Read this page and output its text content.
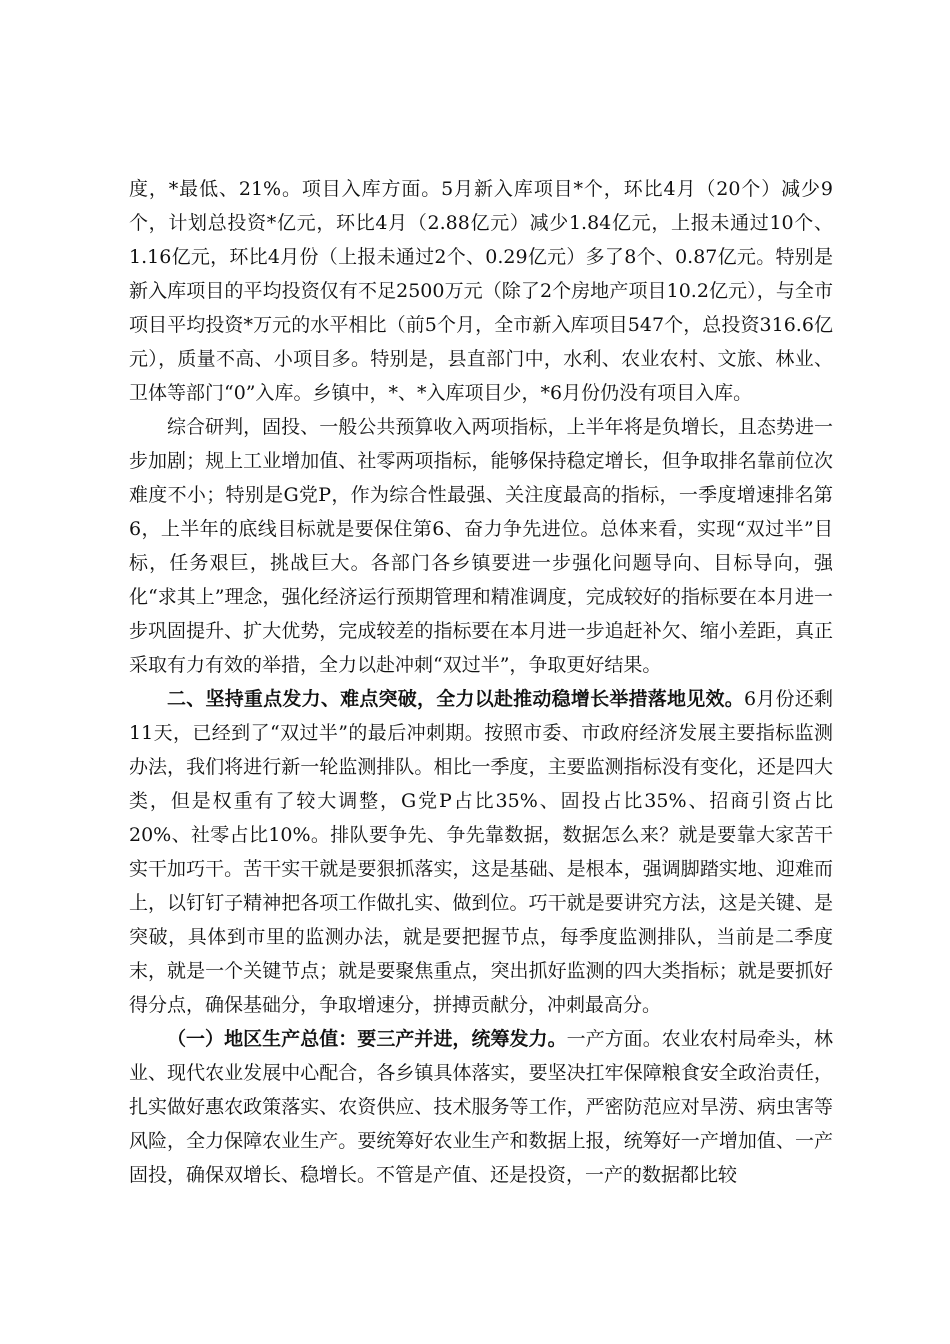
度，*最低、21%。项目入库方面。5月新入库项目*个，环比4月（20个）减少9个，计划总投资*亿元，环比4月（2.88亿元）减少1.84亿元，上报未通过10个、1.16亿元，环比4月份（上报未通过2个、0.29亿元）多了8个、0.87亿元。特别是新入库项目的平均投资仅有不足2500万元（除了2个房地产项目10.2亿元），与全市项目平均投资*万元的水平相比（前5个月，全市新入库项目547个，总投资316.6亿元），质量不高、小项目多。特别是，县直部门中，水利、农业农村、文旅、林业、卫体等部门“0”入库。乡镇中，*、*入库项目少，*6月份仍没有项目入库。

综合研判，固投、一般公共预算收入两项指标，上半年将是负增长，且态势进一步加剧；规上工业增加值、社零两项指标，能够保持稳定增长，但争取排名靠前位次难度不小；特别是G党P，作为综合性最强、关注度最高的指标，一季度增速排名第6，上半年的底线目标就是要保住第6、奋力争先进位。总体来看，实现“双过半”目标，任务艰巨，挑战巨大。各部门各乡镇要进一步强化问题导向、目标导向，强化“求其上”理念，强化经济运行预期管理和精准调度，完成较好的指标要在本月进一步巩固提升、扩大优势，完成较差的指标要在本月进一步追赶补欠、缩小差距，真正采取有力有效的举措，全力以赴冲刺“双过半”，争取更好结果。

二、坚持重点发力、难点突破，全力以赴推动稳增长举措落地见效。6月份还剩11天，已经到了“双过半”的最后冲刺期。按照市委、市政府经济发展主要指标监测办法，我们将进行新一轮监测排队。相比一季度，主要监测指标没有变化，还是四大类，但是权重有了较大调整，G党P占比35%、固投占比35%、招商引资占比20%、社零占比10%。排队要争先、争先靠数据，数据怎么来？就是要靠大家苦干实干加巧干。苦干实干就是要狠抓落实，这是基础、是根本，强调脚踏实地、迎难而上，以钉钉子精神把各项工作做扎实、做到位。巧干就是要讲究方法，这是关键、是突破，具体到市里的监测办法，就是要把握节点，每季度监测排队，当前是二季度末，就是一个关键节点；就是要聚焦重点，突出抓好监测的四大类指标；就是要抓好得分点，确保基础分，争取增速分，拼搏贡献分，冲刺最高分。

（一）地区生产总值：要三产并进，统筹发力。一产方面。农业农村局牵头，林业、现代农业发展中心配合，各乡镇具体落实，要坚决扛牢保障粮食安全政治责任，扎实做好惠农政策落实、农资供应、技术服务等工作，严密防范应对旱涝、病虫害等风险，全力保障农业生产。要统筹好农业生产和数据上报，统筹好一产增加值、一产固投，确保双增长、稳增长。不管是产值、还是投资，一产的数据都比较
